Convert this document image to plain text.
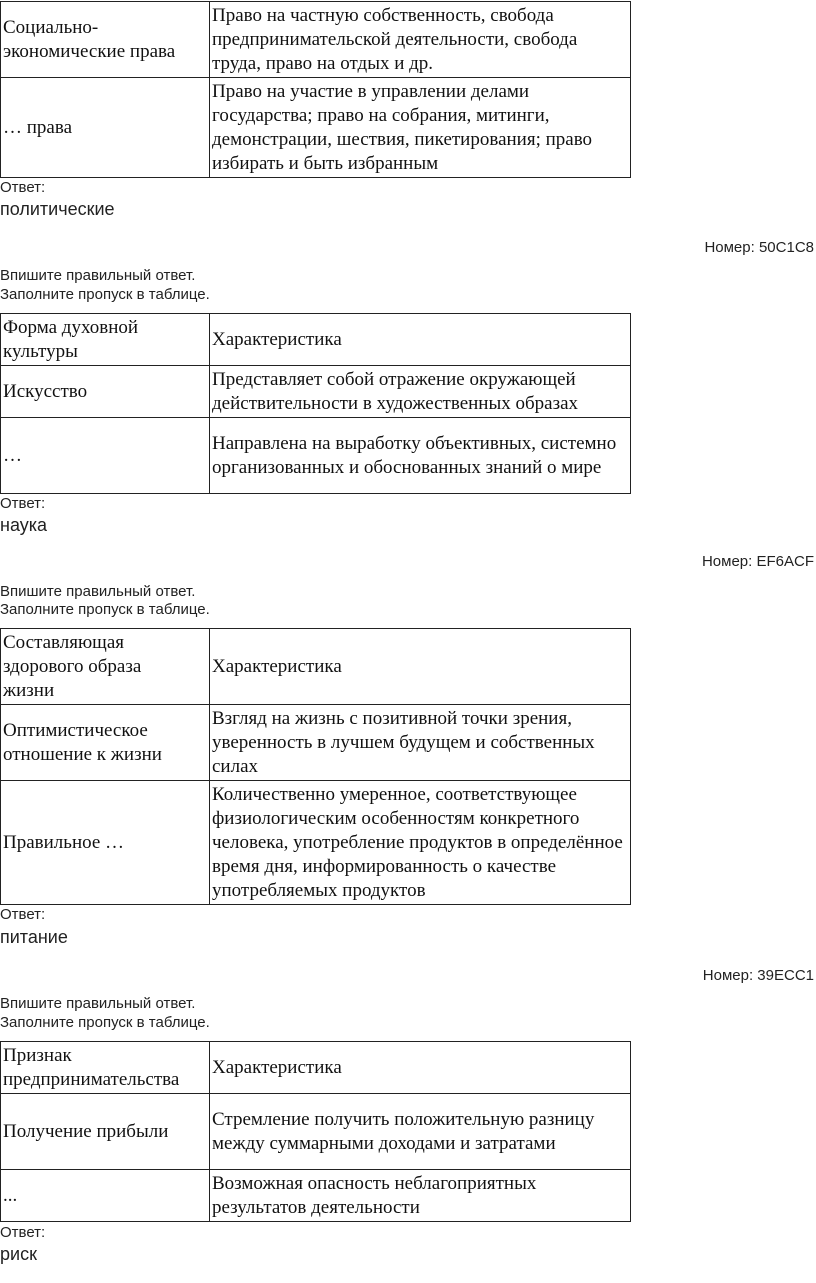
Социально-экономические права	Право на частную собственность, свобода предпринимательской деятельности, свобода труда, право на отдых и др.
… права	Право на участие в управлении делами государства; право на собрания, митинги, демонстрации, шествия, пикетирования; право избирать и быть избранным
Ответ:
политические
Номер: 50C1C8
Впишите правильный ответ.
Заполните пропуск в таблице.
Форма духовной культуры	Характеристика
Искусство	Представляет собой отражение окружающей действительности в художественных образах
…	Направлена на выработку объективных, системно организованных и обоснованных знаний о мире
Ответ:
наука
Номер: EF6ACF
Впишите правильный ответ.
Заполните пропуск в таблице.
Составляющая здорового образа жизни	Характеристика
Оптимистическое отношение к жизни	Взгляд на жизнь с позитивной точки зрения, уверенность в лучшем будущем и собственных силах
Правильное …	Количественно умеренное, соответствующее физиологическим особенностям конкретного человека, употребление продуктов в определённое время дня, информированность о качестве употребляемых продуктов
Ответ:
питание
Номер: 39ECC1
Впишите правильный ответ.
Заполните пропуск в таблице.
Признак предпринимательства	Характеристика
Получение прибыли	Стремление получить положительную разницу между суммарными доходами и затратами
...	Возможная опасность неблагоприятных результатов деятельности
Ответ:
риск
